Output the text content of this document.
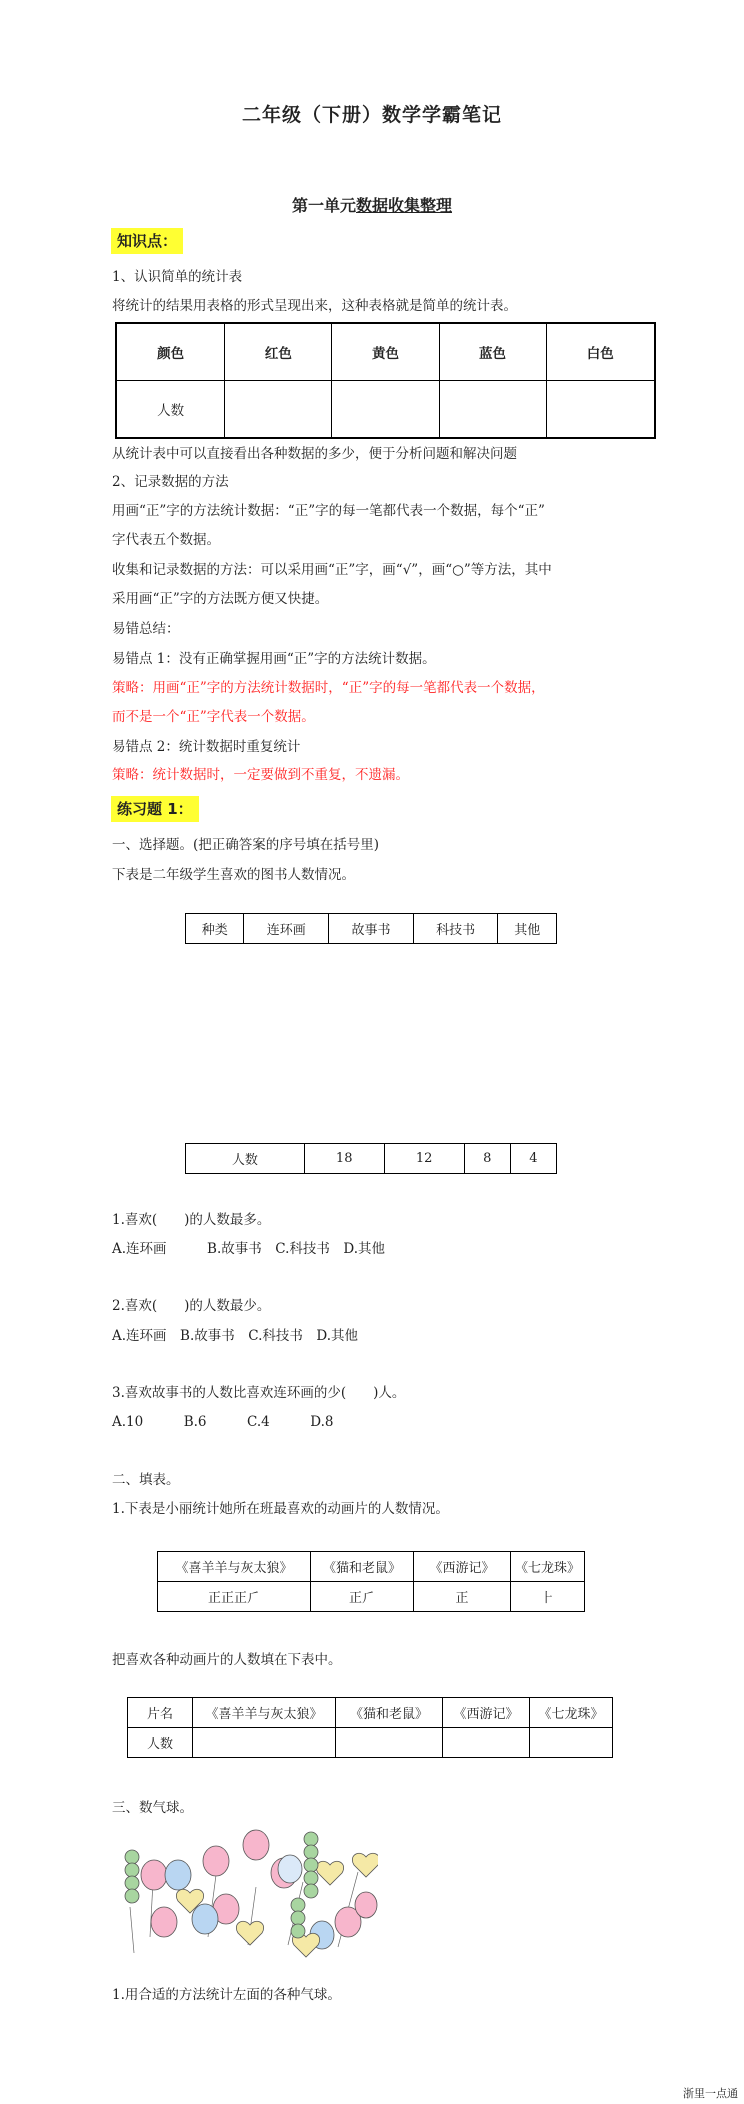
二年级（下册）数学学霸笔记
第一单元数据收集整理
知识点：
1、认识简单的统计表
将统计的结果用表格的形式呈现出来，这种表格就是简单的统计表。
颜色	红色	黄色	蓝色	白色
人数				
从统计表中可以直接看出各种数据的多少，便于分析问题和解决问题
2、记录数据的方法
用画“正”字的方法统计数据：“正”字的每一笔都代表一个数据，每个“正”
字代表五个数据。
收集和记录数据的方法：可以采用画“正”字，画“√”，画“○”等方法，其中
采用画“正”字的方法既方便又快捷。
易错总结：
易错点 1：没有正确掌握用画“正”字的方法统计数据。
策略：用画“正”字的方法统计数据时，“正”字的每一笔都代表一个数据，
而不是一个“正”字代表一个数据。
易错点 2：统计数据时重复统计
策略：统计数据时，一定要做到不重复，不遗漏。
练习题 1：
一、选择题。(把正确答案的序号填在括号里)
下表是二年级学生喜欢的图书人数情况。
种类	连环画	故事书	科技书	其他
人数	18	12	8	4
1.喜欢(　　)的人数最多。
A.连环画　　　B.故事书　C.科技书　D.其他
2.喜欢(　　)的人数最少。
A.连环画　B.故事书　C.科技书　D.其他
3.喜欢故事书的人数比喜欢连环画的少(　　)人。
A.10　　　B.6　　　C.4　　　D.8
二、填表。
1.下表是小丽统计她所在班最喜欢的动画片的人数情况。
《喜羊羊与灰太狼》	《猫和老鼠》	《西游记》	《七龙珠》
正正正⺁	正⺁	正	⺊
把喜欢各种动画片的人数填在下表中。
片名	《喜羊羊与灰太狼》	《猫和老鼠》	《西游记》	《七龙珠》
人数				
三、数气球。
1.用合适的方法统计左面的各种气球。
浙里一点通
